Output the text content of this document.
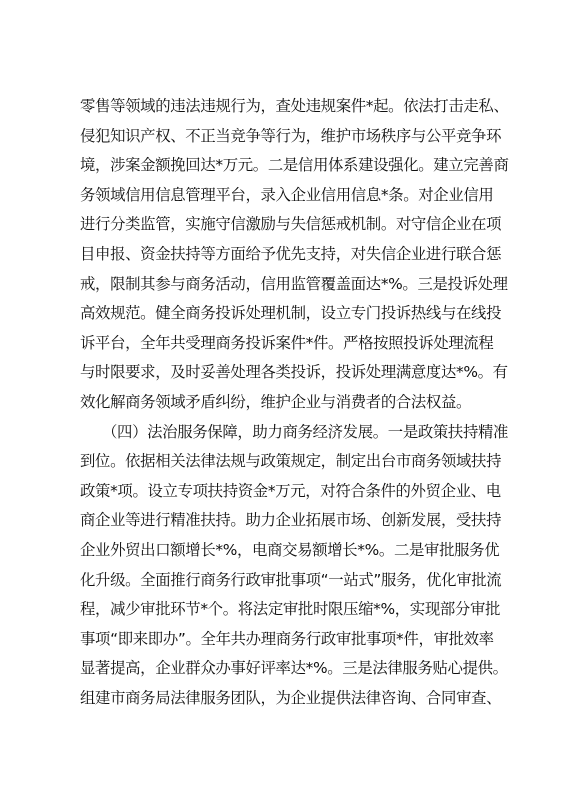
零售等领域的违法违规行为，查处违规案件*起。依法打击走私、
侵犯知识产权、不正当竞争等行为，维护市场秩序与公平竞争环
境，涉案金额挽回达*万元。二是信用体系建设强化。建立完善商
务领域信用信息管理平台，录入企业信用信息*条。对企业信用
进行分类监管，实施守信激励与失信惩戒机制。对守信企业在项
目申报、资金扶持等方面给予优先支持，对失信企业进行联合惩
戒，限制其参与商务活动，信用监管覆盖面达*%。三是投诉处理
高效规范。健全商务投诉处理机制，设立专门投诉热线与在线投
诉平台，全年共受理商务投诉案件*件。严格按照投诉处理流程
与时限要求，及时妥善处理各类投诉，投诉处理满意度达*%。有
效化解商务领域矛盾纠纷，维护企业与消费者的合法权益。
（四）法治服务保障，助力商务经济发展。一是政策扶持精准
到位。依据相关法律法规与政策规定，制定出台市商务领域扶持
政策*项。设立专项扶持资金*万元，对符合条件的外贸企业、电
商企业等进行精准扶持。助力企业拓展市场、创新发展，受扶持
企业外贸出口额增长*%，电商交易额增长*%。二是审批服务优
化升级。全面推行商务行政审批事项“一站式”服务，优化审批流
程，减少审批环节*个。将法定审批时限压缩*%，实现部分审批
事项“即来即办”。全年共办理商务行政审批事项*件，审批效率
显著提高，企业群众办事好评率达*%。三是法律服务贴心提供。
组建市商务局法律服务团队，为企业提供法律咨询、合同审查、
